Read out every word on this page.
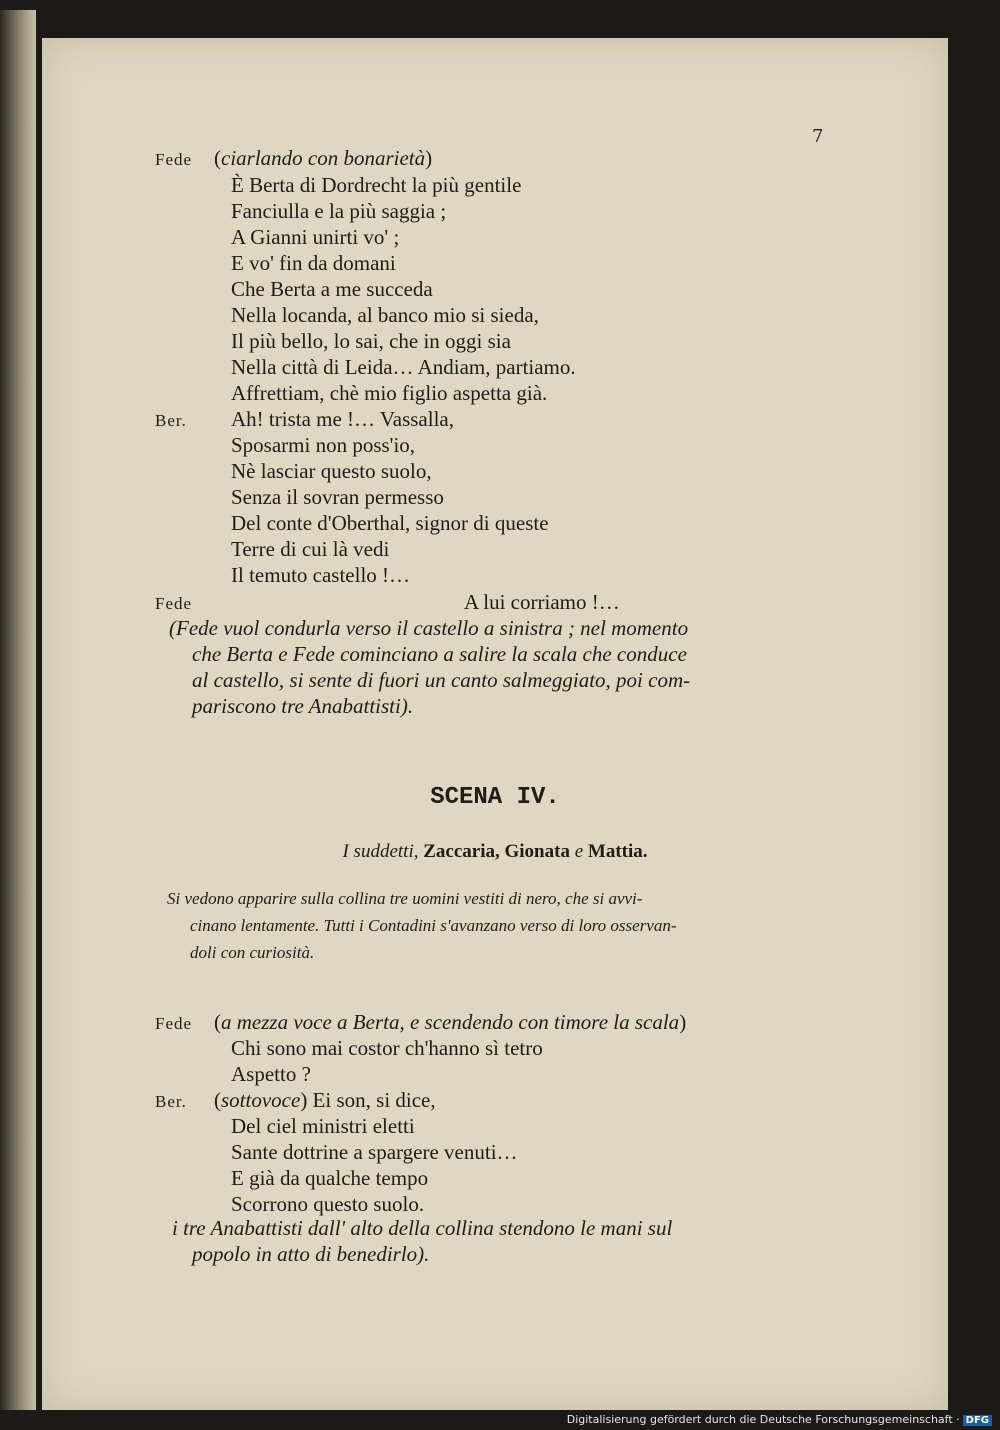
7
Fede (ciarlando con bonarietà)
È Berta di Dordrecht la più gentile
Fanciulla e la più saggia ;
A Gianni unirti vo' ;
E vo' fin da domani
Che Berta a me succeda
Nella locanda, al banco mio si sieda,
Il più bello, lo sai, che in oggi sia
Nella città di Leida… Andiam, partiamo.
Affrettiam, chè mio figlio aspetta già.
Ber. Ah! trista me !… Vassalla,
Sposarmi non poss'io,
Nè lasciar questo suolo,
Senza il sovran permesso
Del conte d'Oberthal, signor di queste
Terre di cui là vedi
Il temuto castello !…
Fede	A lui corriamo !…
(Fede vuol condurla verso il castello a sinistra ; nel momento
che Berta e Fede cominciano a salire la scala che conduce
al castello, si sente di fuori un canto salmeggiato, poi com-
pariscono tre Anabattisti).
SCENA IV.
I suddetti, Zaccaria, Gionata e Mattia.
Si vedono apparire sulla collina tre uomini vestiti di nero, che si avvi-
cinano lentamente. Tutti i Contadini s'avanzano verso di loro osservan-
doli con curiosità.
Fede (a mezza voce a Berta, e scendendo con timore la scala)
Chi sono mai costor ch'hanno sì tetro
Aspetto ?
Ber. (sottovoce) Ei son, si dice,
Del ciel ministri eletti
Sante dottrine a spargere venuti…
E già da qualche tempo
Scorrono questo suolo.
i tre Anabattisti dall' alto della collina stendono le mani sul
popolo in atto di benedirlo).
Digitalisierung gefördert durch die Deutsche Forschungsgemeinschaft · DFG
